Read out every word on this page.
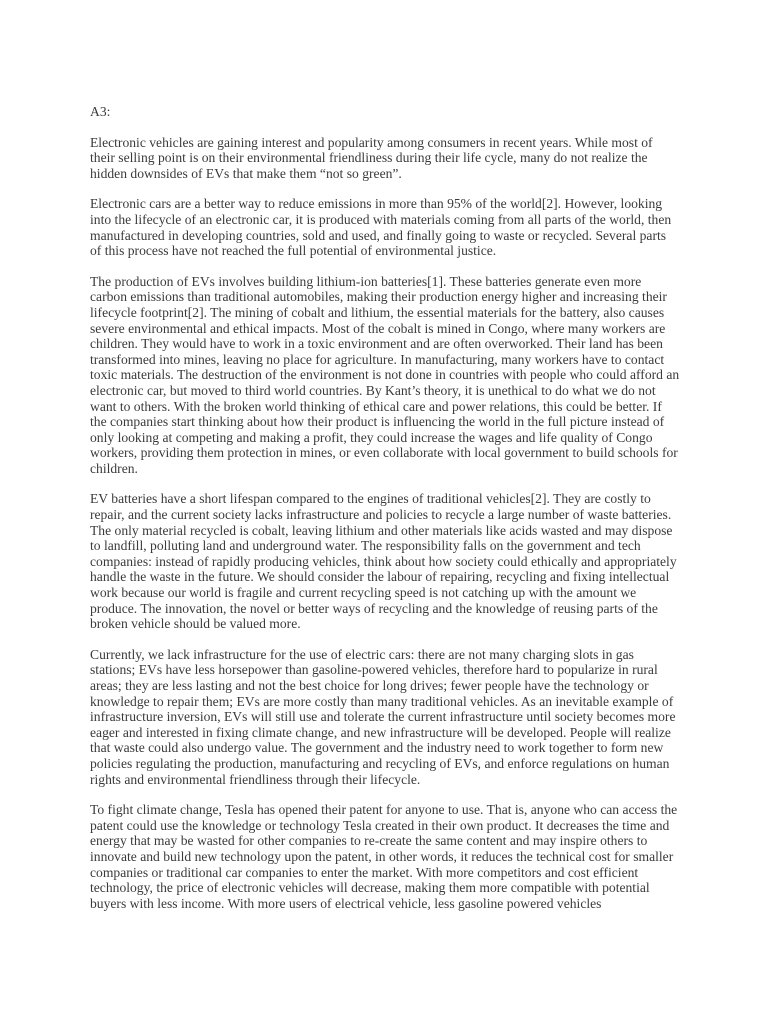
A3:

Electronic vehicles are gaining interest and popularity among consumers in recent years. While most of their selling point is on their environmental friendliness during their life cycle, many do not realize the hidden downsides of EVs that make them “not so green”.

Electronic cars are a better way to reduce emissions in more than 95% of the world[2]. However, looking into the lifecycle of an electronic car, it is produced with materials coming from all parts of the world, then manufactured in developing countries, sold and used, and finally going to waste or recycled. Several parts of this process have not reached the full potential of environmental justice.

The production of EVs involves building lithium-ion batteries[1]. These batteries generate even more carbon emissions than traditional automobiles, making their production energy higher and increasing their lifecycle footprint[2]. The mining of cobalt and lithium, the essential materials for the battery, also causes severe environmental and ethical impacts. Most of the cobalt is mined in Congo, where many workers are children. They would have to work in a toxic environment and are often overworked. Their land has been transformed into mines, leaving no place for agriculture. In manufacturing, many workers have to contact toxic materials. The destruction of the environment is not done in countries with people who could afford an electronic car, but moved to third world countries. By Kant’s theory, it is unethical to do what we do not want to others. With the broken world thinking of ethical care and power relations, this could be better. If the companies start thinking about how their product is influencing the world in the full picture instead of only looking at competing and making a profit, they could increase the wages and life quality of Congo workers, providing them protection in mines, or even collaborate with local government to build schools for children.

EV batteries have a short lifespan compared to the engines of traditional vehicles[2]. They are costly to repair, and the current society lacks infrastructure and policies to recycle a large number of waste batteries. The only material recycled is cobalt, leaving lithium and other materials like acids wasted and may dispose to landfill, polluting land and underground water. The responsibility falls on the government and tech companies: instead of rapidly producing vehicles, think about how society could ethically and appropriately handle the waste in the future. We should consider the labour of repairing, recycling and fixing intellectual work because our world is fragile and current recycling speed is not catching up with the amount we produce. The innovation, the novel or better ways of recycling and the knowledge of reusing parts of the broken vehicle should be valued more.

Currently, we lack infrastructure for the use of electric cars: there are not many charging slots in gas stations; EVs have less horsepower than gasoline-powered vehicles, therefore hard to popularize in rural areas; they are less lasting and not the best choice for long drives; fewer people have the technology or knowledge to repair them; EVs are more costly than many traditional vehicles. As an inevitable example of infrastructure inversion, EVs will still use and tolerate the current infrastructure until society becomes more eager and interested in fixing climate change, and new infrastructure will be developed. People will realize that waste could also undergo value. The government and the industry need to work together to form new policies regulating the production, manufacturing and recycling of EVs, and enforce regulations on human rights and environmental friendliness through their lifecycle.

To fight climate change, Tesla has opened their patent for anyone to use. That is, anyone who can access the patent could use the knowledge or technology Tesla created in their own product. It decreases the time and energy that may be wasted for other companies to re-create the same content and may inspire others to innovate and build new technology upon the patent, in other words, it reduces the technical cost for smaller companies or traditional car companies to enter the market. With more competitors and cost efficient technology, the price of electronic vehicles will decrease, making them more compatible with potential buyers with less income. With more users of electrical vehicle, less gasoline powered vehicles
